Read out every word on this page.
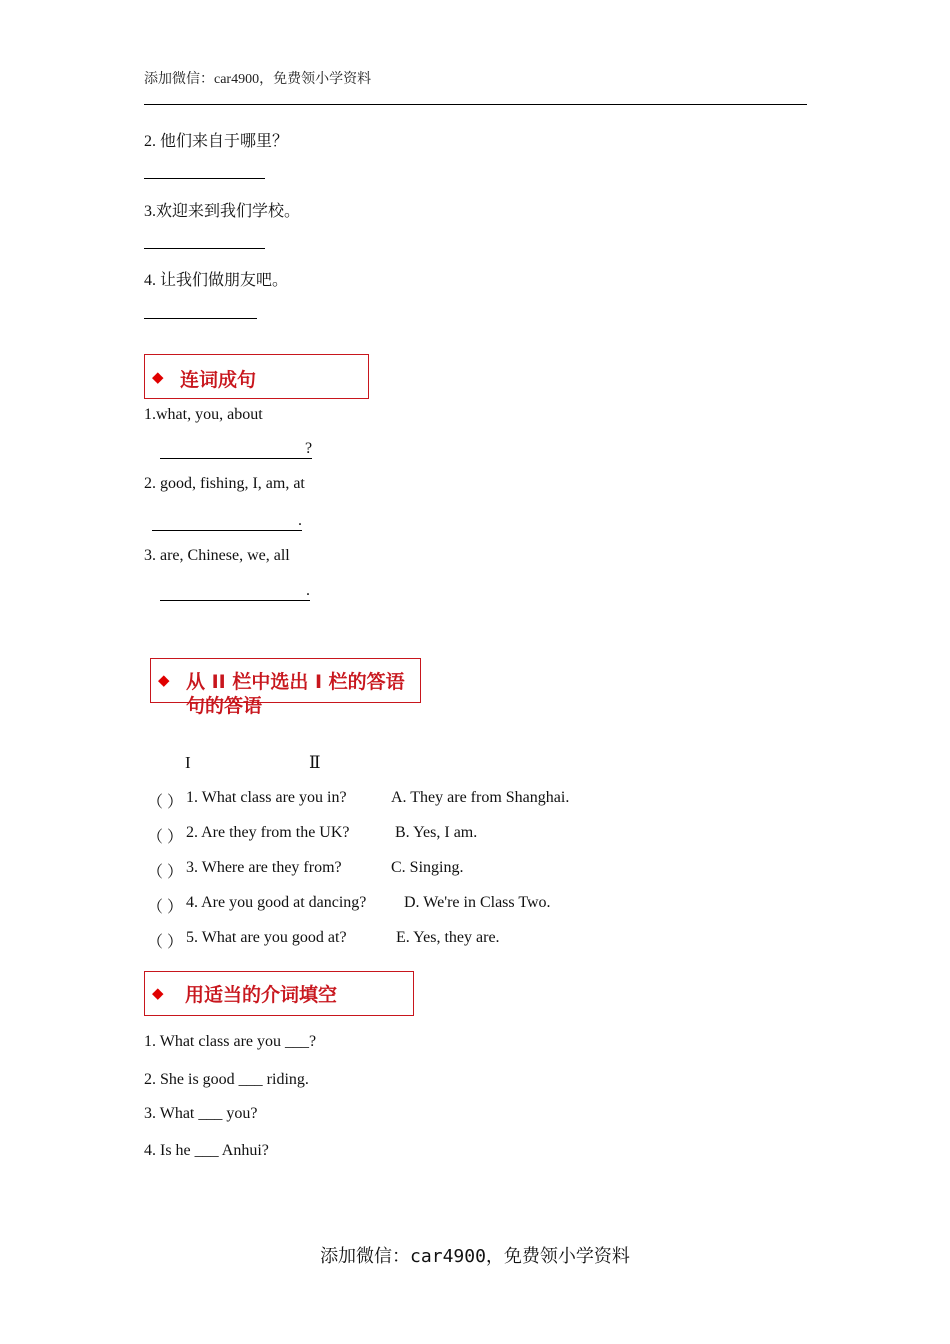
添加微信：car4900，免费领小学资料
2. 他们来自于哪里？
3.欢迎来到我们学校。
4. 让我们做朋友吧。
◆ 连词成句
1.what, you, about
?
2. good, fishing, I, am, at
.
3. are, Chinese, we, all
.
◆ 从 II 栏中选出 I 栏的答语
句的答语
I	Ⅱ
（ ） 1. What class are you in?	A. They are from Shanghai.
（ ） 2. Are they from the UK?	B. Yes, I am.
（ ） 3. Where are they from?	C. Singing.
（ ） 4. Are you good at dancing? D. We're in Class Two.
（ ） 5. What are you good at?	E. Yes, they are.
◆ 用适当的介词填空
1. What class are you ___?
2. She is good ___ riding.
3. What ___ you?
4. Is he ___ Anhui?
添加微信：car4900，免费领小学资料
